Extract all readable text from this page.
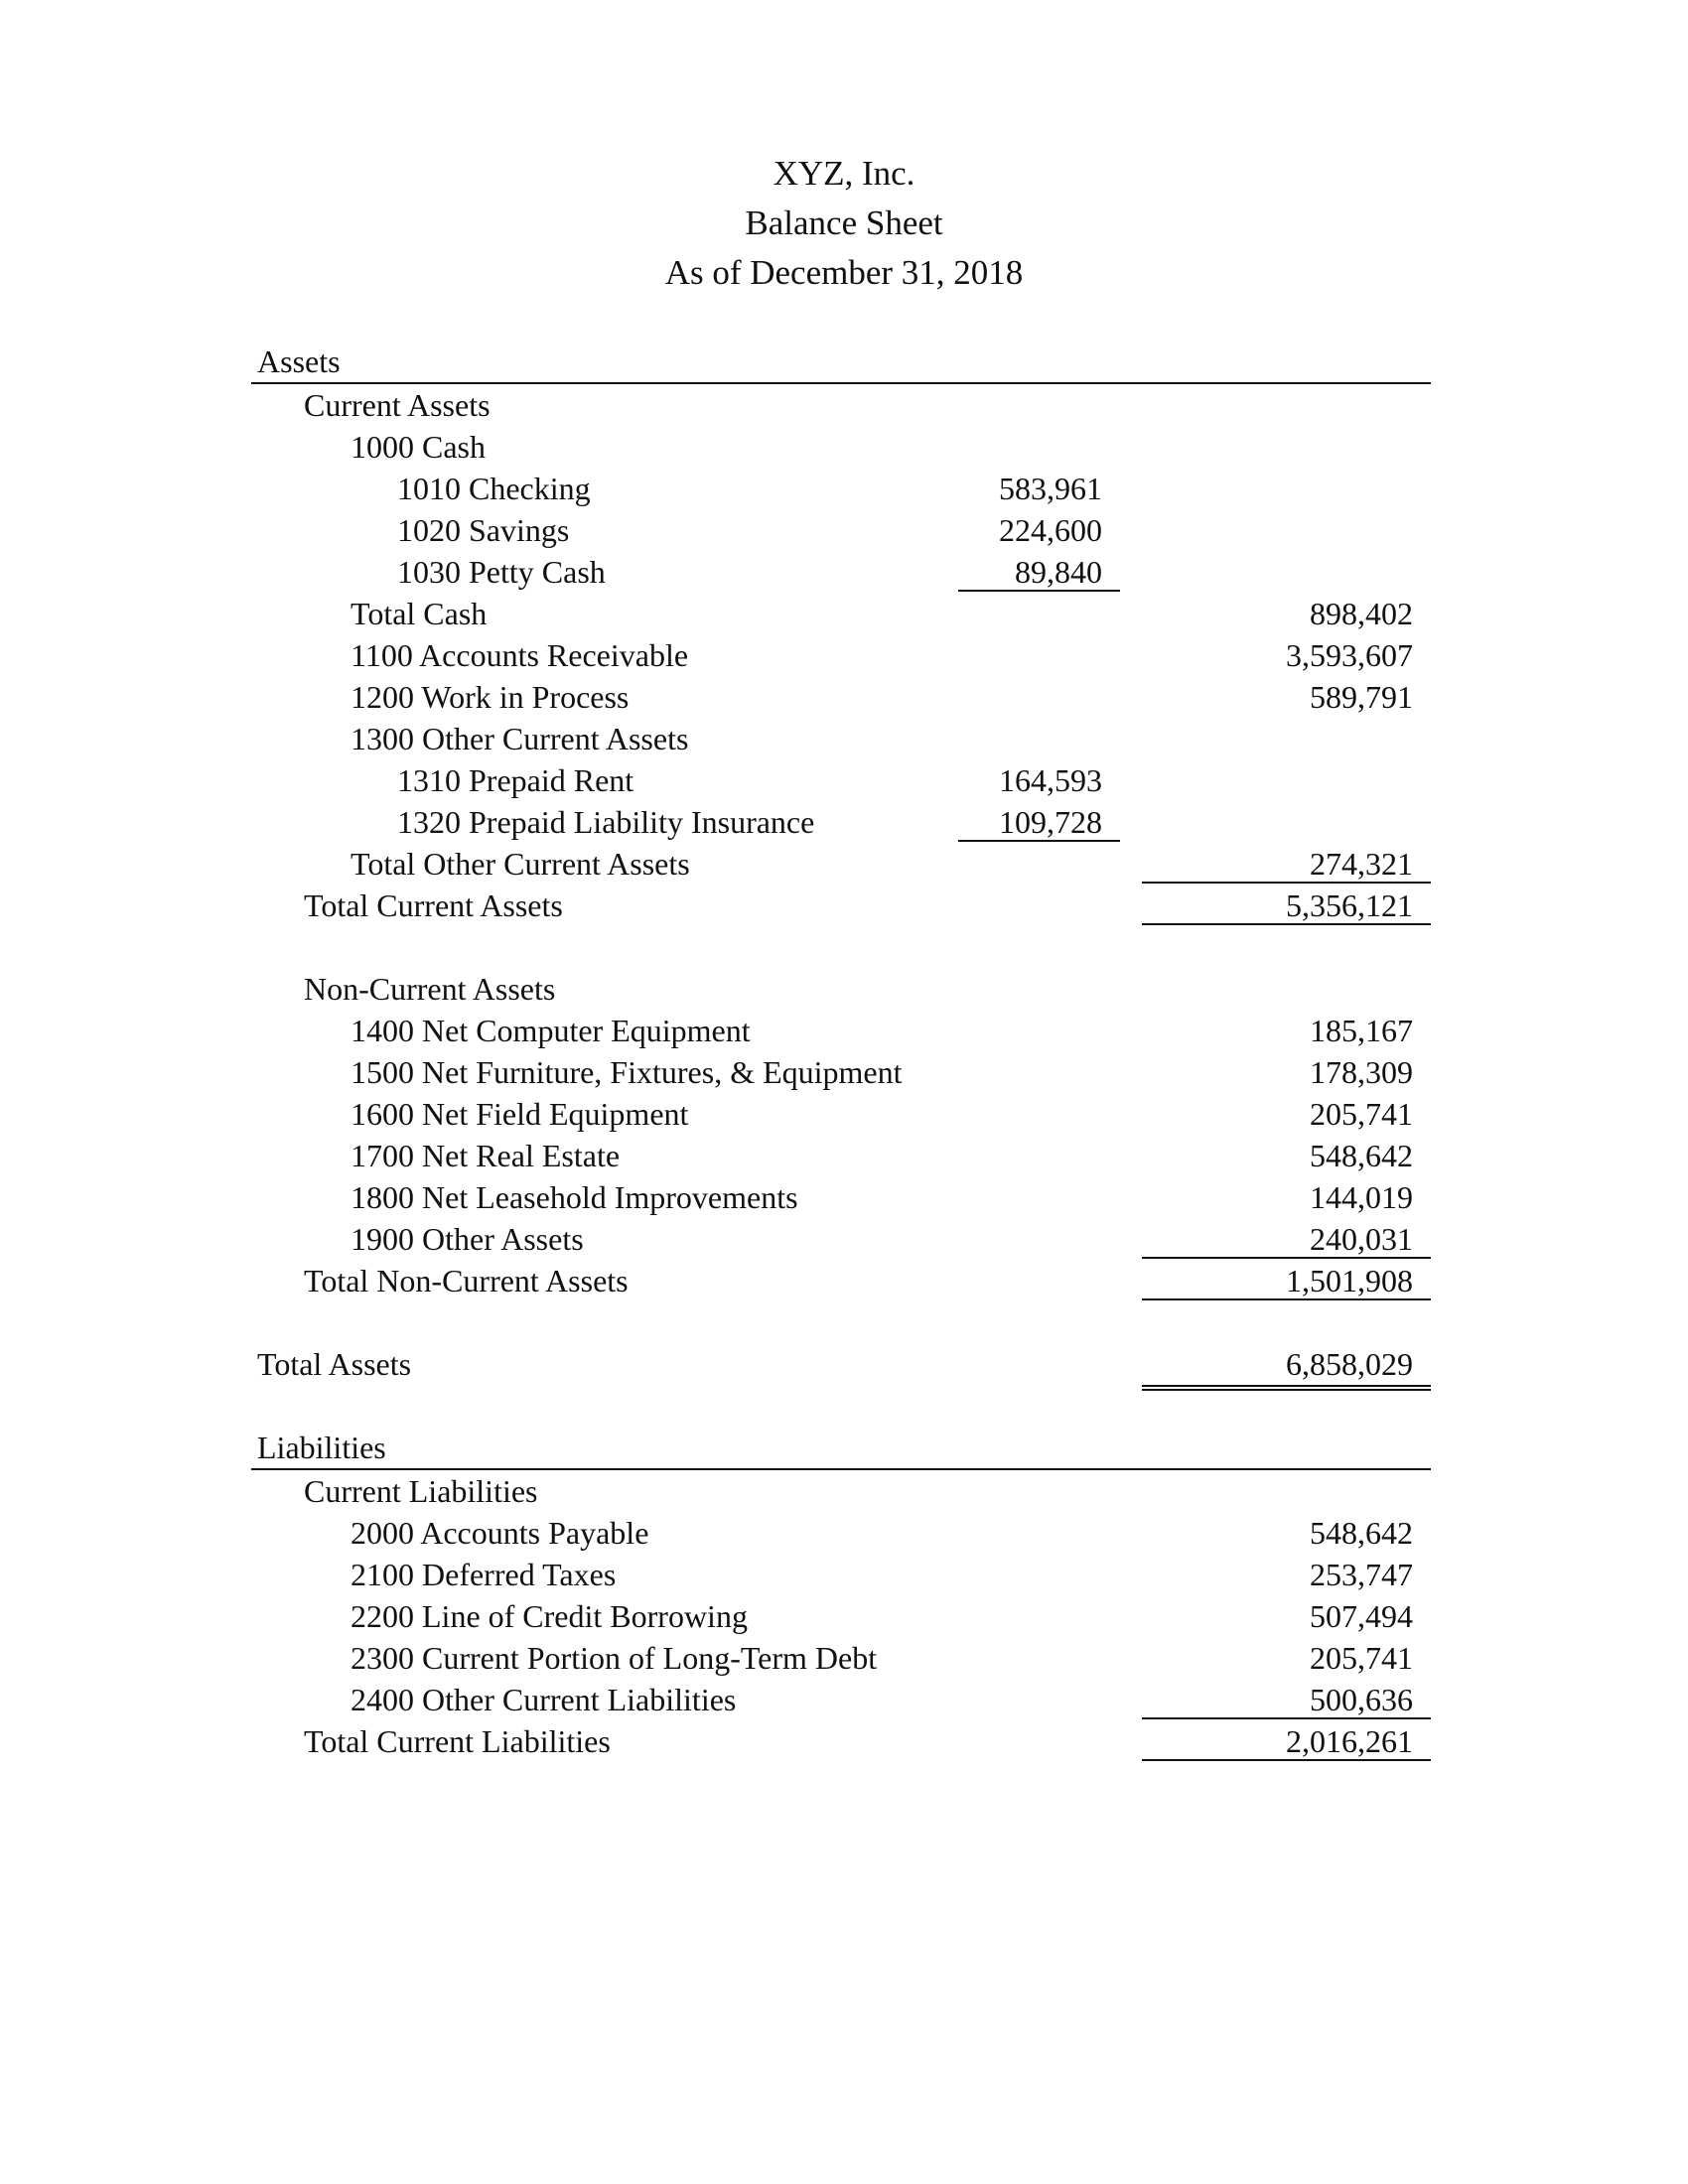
XYZ, Inc.
Balance Sheet
As of December 31, 2018
Assets
Current Assets
1000 Cash
1010 Checking	583,961
1020 Savings	224,600
1030 Petty Cash	89,840
Total Cash	898,402
1100 Accounts Receivable	3,593,607
1200 Work in Process	589,791
1300 Other Current Assets
1310 Prepaid Rent	164,593
1320 Prepaid Liability Insurance	109,728
Total Other Current Assets	274,321
Total Current Assets	5,356,121
Non-Current Assets
1400 Net Computer Equipment	185,167
1500 Net Furniture, Fixtures, & Equipment	178,309
1600 Net Field Equipment	205,741
1700 Net Real Estate	548,642
1800 Net Leasehold Improvements	144,019
1900 Other Assets	240,031
Total Non-Current Assets	1,501,908
Total Assets	6,858,029
Liabilities
Current Liabilities
2000 Accounts Payable	548,642
2100 Deferred Taxes	253,747
2200 Line of Credit Borrowing	507,494
2300 Current Portion of Long-Term Debt	205,741
2400 Other Current Liabilities	500,636
Total Current Liabilities	2,016,261
